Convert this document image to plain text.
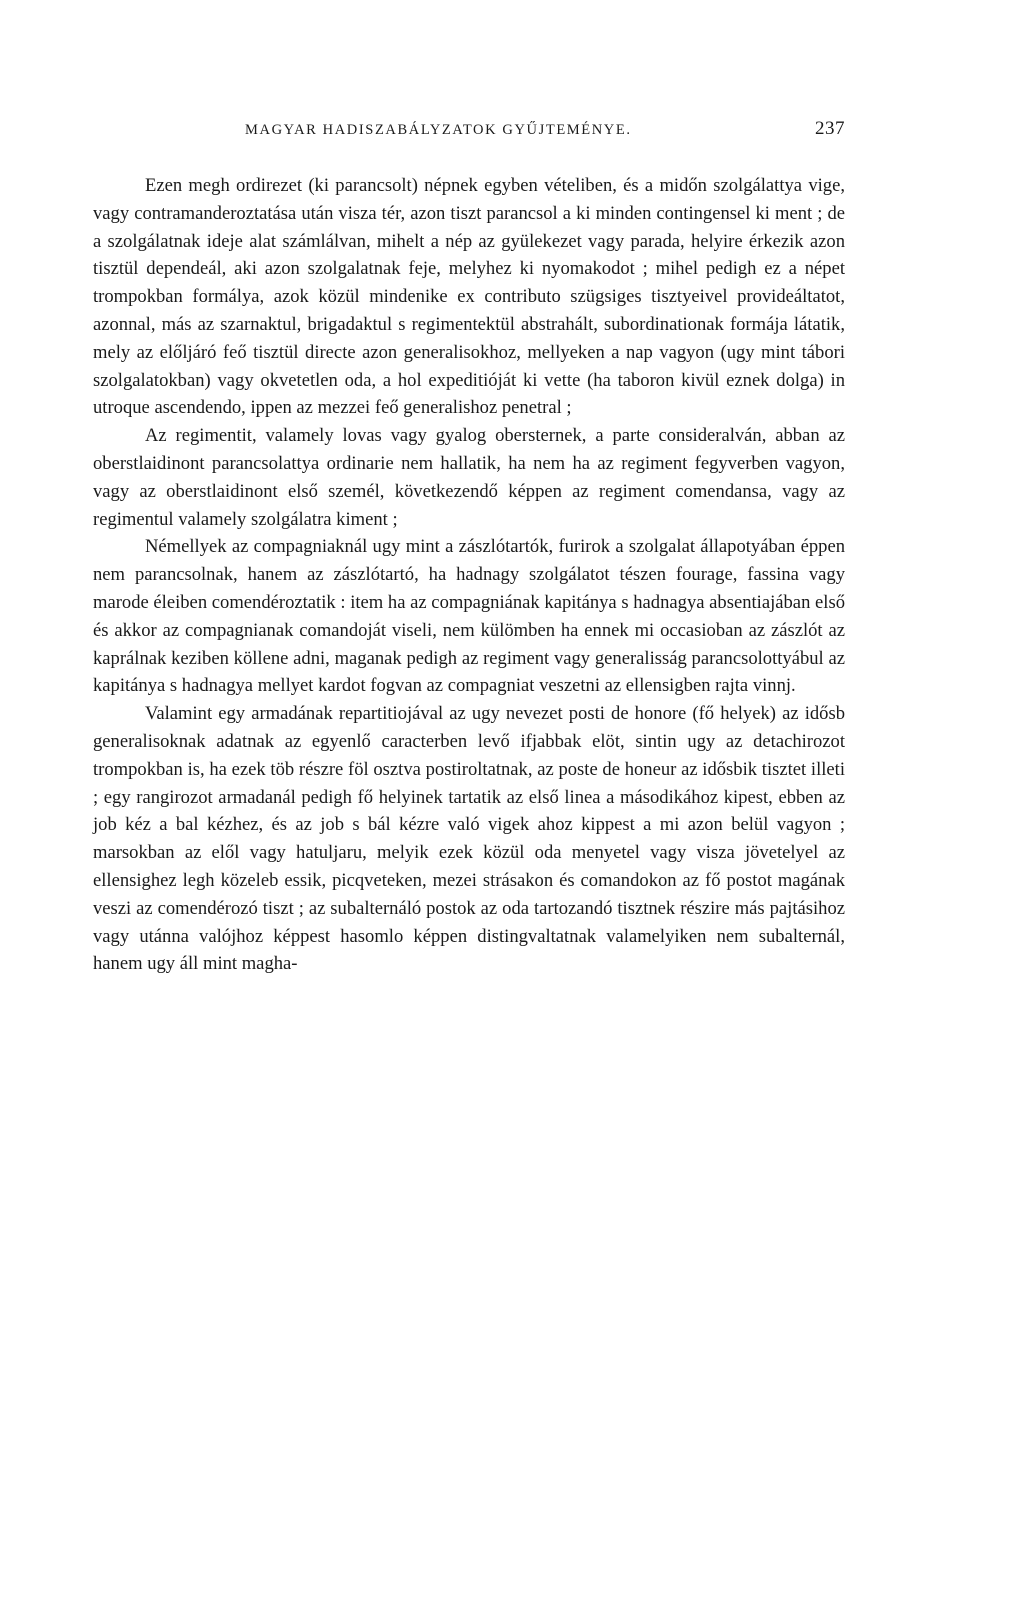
MAGYAR HADISZABÁLYZATOK GYŰJTEMÉNYE.	237

Ezen megh ordirezet (ki parancsolt) népnek egyben vételiben, és a midőn szolgálattya vige, vagy contramanderoztatása után visza tér, azon tiszt parancsol a ki minden contingensel ki ment ; de a szolgálatnak ideje alat számlálvan, mihelt a nép az gyülekezet vagy parada, helyire érkezik azon tisztül dependeál, aki azon szolgalatnak feje, melyhez ki nyomakodot ; mihel pedigh ez a népet trompokban formálya, azok közül mindenike ex contributo szügsiges tisztyeivel provideáltatot, azonnal, más az szarnaktul, brigadaktul s regimentektül abstrahált, subordinationak formája látatik, mely az előljáró feő tisztül directe azon generalisokhoz, mellyeken a nap vagyon (ugy mint tábori szolgalatokban) vagy okvetetlen oda, a hol expeditióját ki vette (ha taboron kivül eznek dolga) in utroque ascendendo, ippen az mezzei feő generalishoz penetral ;

Az regimentit, valamely lovas vagy gyalog obersternek, a parte consideralván, abban az oberstlaidinont parancsolattya ordinarie nem hallatik, ha nem ha az regiment fegyverben vagyon, vagy az oberstlaidinont első személ, következendő képpen az regiment comendansa, vagy az regimentul valamely szolgálatra kiment ;

Némellyek az compagniaknál ugy mint a zászlótartók, furirok a szolgalat állapotyában éppen nem parancsolnak, hanem az zászlótartó, ha hadnagy szolgálatot tészen fourage, fassina vagy marode éleiben comendéroztatik : item ha az compagniának kapitánya s hadnagya absentiajában első és akkor az compagnianak comandoját viseli, nem külömben ha ennek mi occasioban az zászlót az kaprálnak keziben köllene adni, maganak pedigh az regiment vagy generalisság parancsolottyábul az kapitánya s hadnagya mellyet kardot fogvan az compagniat veszetni az ellensigben rajta vinnj.

Valamint egy armadának repartitiojával az ugy nevezet posti de honore (fő helyek) az idősb generalisoknak adatnak az egyenlő caracterben levő ifjabbak elöt, sintin ugy az detachirozot trompokban is, ha ezek töb részre föl osztva postiroltatnak, az poste de honeur az idősbik tisztet illeti ; egy rangirozot armadanál pedigh fő helyinek tartatik az első linea a másodikához kipest, ebben az job kéz a bal kézhez, és az job s bál kézre való vigek ahoz kippest a mi azon belül vagyon ; marsokban az elől vagy hatuljaru, melyik ezek közül oda menyetel vagy visza jövetelyel az ellensighez legh közeleb essik, picqveteken, mezei strásakon és comandokon az fő postot magának veszi az comendérozó tiszt ; az subalternáló postok az oda tartozandó tisztnek részire más pajtásihoz vagy utánna valójhoz képpest hasomlo képpen distingvaltatnak valamelyiken nem subalternál, hanem ugy áll mint magha-
